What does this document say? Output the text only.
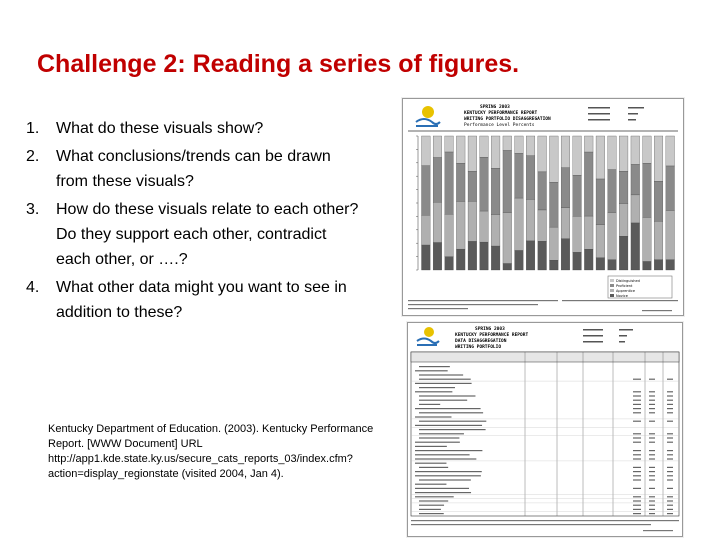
Challenge 2: Reading a series of figures.
1. What do these visuals show?
2. What conclusions/trends can be drawn from these visuals?
3. How do these visuals relate to each other? Do they support each other, contradict each other, or ….?
4. What other data might you want to see in addition to these?
Kentucky Department of Education. (2003). Kentucky Performance Report. [WWW Document] URL http://app1.kde.state.ky.us/secure_cats_reports_03/index.cfm?action=display_regionstate (visited 2004, Jan 4).
SPRING 2003
KENTUCKY PERFORMANCE REPORT
WRITING PORTFOLIO DISAGGREGATION
Performance Level Percents
Distinguished
Proficient
Apprentice
Novice
SPRING 2003
KENTUCKY PERFORMANCE REPORT
DATA DISAGGREGATION
WRITING PORTFOLIO
